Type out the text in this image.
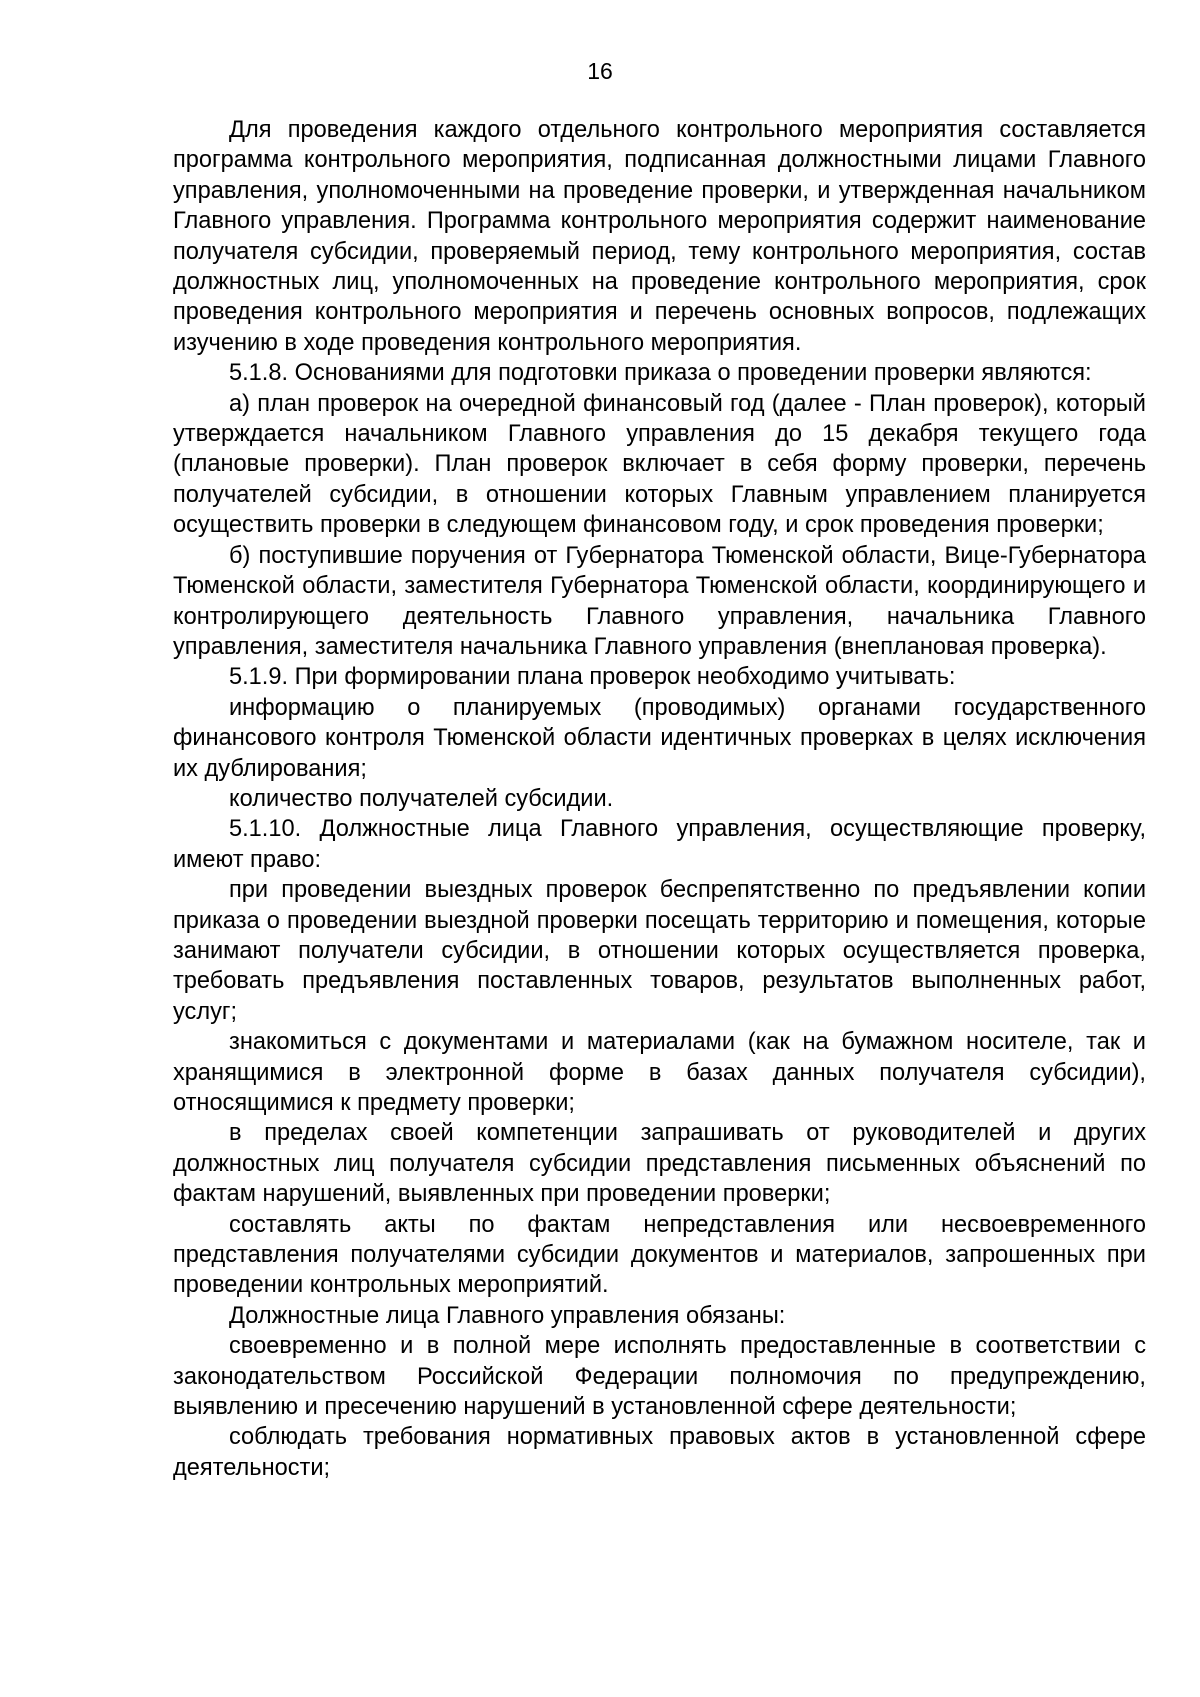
16

Для проведения каждого отдельного контрольного мероприятия составляется программа контрольного мероприятия, подписанная должностными лицами Главного управления, уполномоченными на проведение проверки, и утвержденная начальником Главного управления. Программа контрольного мероприятия содержит наименование получателя субсидии, проверяемый период, тему контрольного мероприятия, состав должностных лиц, уполномоченных на проведение контрольного мероприятия, срок проведения контрольного мероприятия и перечень основных вопросов, подлежащих изучению в ходе проведения контрольного мероприятия.

5.1.8. Основаниями для подготовки приказа о проведении проверки являются:

а) план проверок на очередной финансовый год (далее - План проверок), который утверждается начальником Главного управления до 15 декабря текущего года (плановые проверки). План проверок включает в себя форму проверки, перечень получателей субсидии, в отношении которых Главным управлением планируется осуществить проверки в следующем финансовом году, и срок проведения проверки;

б) поступившие поручения от Губернатора Тюменской области, Вице-Губернатора Тюменской области, заместителя Губернатора Тюменской области, координирующего и контролирующего деятельность Главного управления, начальника Главного управления, заместителя начальника Главного управления (внеплановая проверка).

5.1.9. При формировании плана проверок необходимо учитывать:

информацию о планируемых (проводимых) органами государственного финансового контроля Тюменской области идентичных проверках в целях исключения их дублирования;

количество получателей субсидии.

5.1.10. Должностные лица Главного управления, осуществляющие проверку, имеют право:

при проведении выездных проверок беспрепятственно по предъявлении копии приказа о проведении выездной проверки посещать территорию и помещения, которые занимают получатели субсидии, в отношении которых осуществляется проверка, требовать предъявления поставленных товаров, результатов выполненных работ, услуг;

знакомиться с документами и материалами (как на бумажном носителе, так и хранящимися в электронной форме в базах данных получателя субсидии), относящимися к предмету проверки;

в пределах своей компетенции запрашивать от руководителей и других должностных лиц получателя субсидии представления письменных объяснений по фактам нарушений, выявленных при проведении проверки;

составлять акты по фактам непредставления или несвоевременного представления получателями субсидии документов и материалов, запрошенных при проведении контрольных мероприятий.

Должностные лица Главного управления обязаны:

своевременно и в полной мере исполнять предоставленные в соответствии с законодательством Российской Федерации полномочия по предупреждению, выявлению и пресечению нарушений в установленной сфере деятельности;

соблюдать требования нормативных правовых актов в установленной сфере деятельности;
